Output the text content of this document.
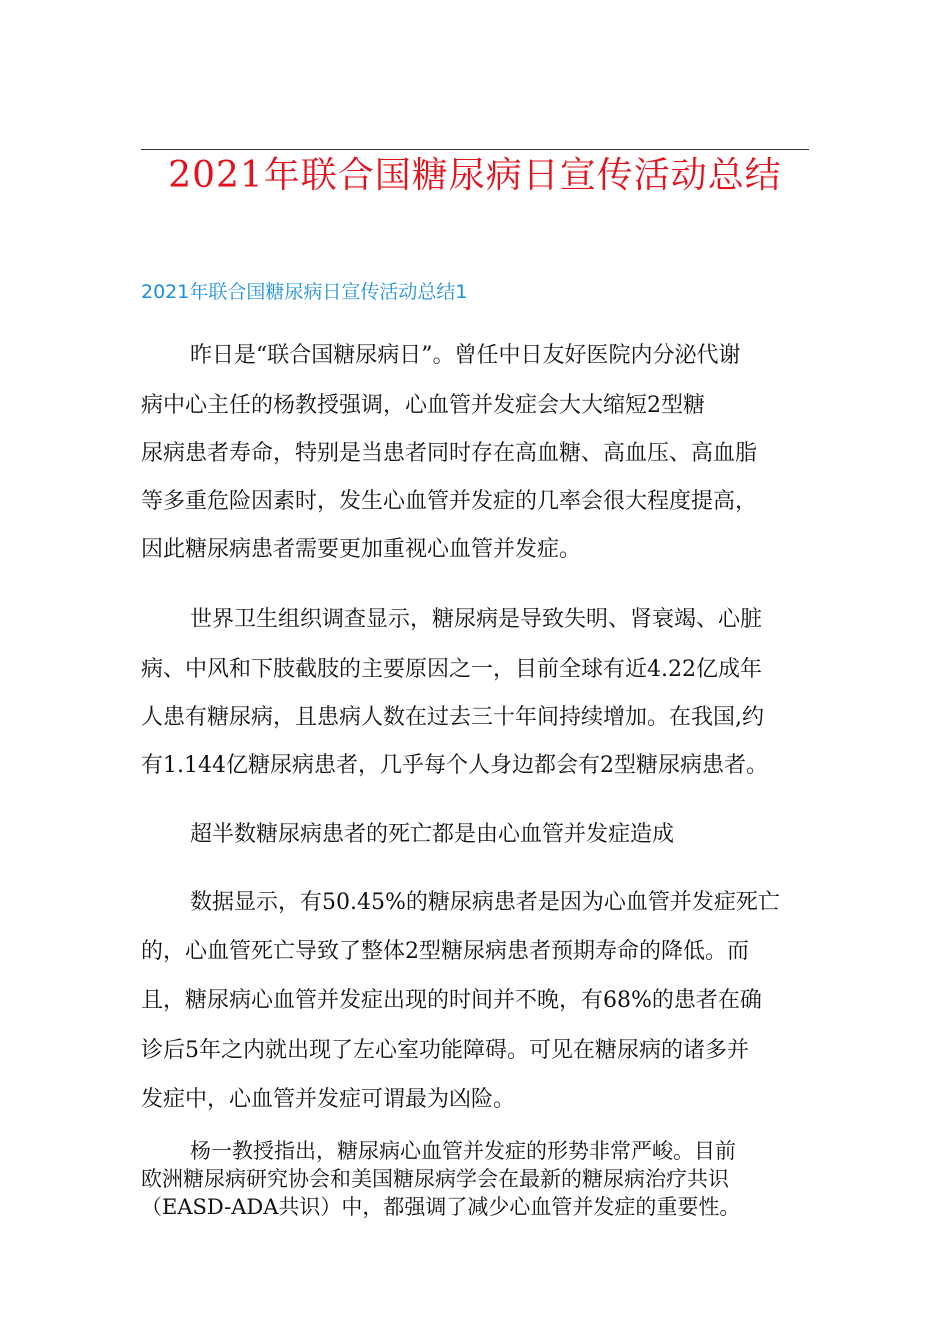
2021年联合国糖尿病日宣传活动总结
2021年联合国糖尿病日宣传活动总结1
昨日是“联合国糖尿病日”。曾任中日友好医院内分泌代谢
病中心主任的杨教授强调，心血管并发症会大大缩短2型糖
尿病患者寿命，特别是当患者同时存在高血糖、高血压、高血脂
等多重危险因素时，发生心血管并发症的几率会很大程度提高，
因此糖尿病患者需要更加重视心血管并发症。
世界卫生组织调查显示，糖尿病是导致失明、肾衰竭、心脏
病、中风和下肢截肢的主要原因之一，目前全球有近4.22亿成年
人患有糖尿病，且患病人数在过去三十年间持续增加。在我国,约
有1.144亿糖尿病患者，几乎每个人身边都会有2型糖尿病患者。
超半数糖尿病患者的死亡都是由心血管并发症造成
数据显示，有50.45%的糖尿病患者是因为心血管并发症死亡
的，心血管死亡导致了整体2型糖尿病患者预期寿命的降低。而
且，糖尿病心血管并发症出现的时间并不晚，有68%的患者在确
诊后5年之内就出现了左心室功能障碍。可见在糖尿病的诸多并
发症中，心血管并发症可谓最为凶险。
杨一教授指出，糖尿病心血管并发症的形势非常严峻。目前
欧洲糖尿病研究协会和美国糖尿病学会在最新的糖尿病治疗共识
（EASD-ADA共识）中，都强调了减少心血管并发症的重要性。
